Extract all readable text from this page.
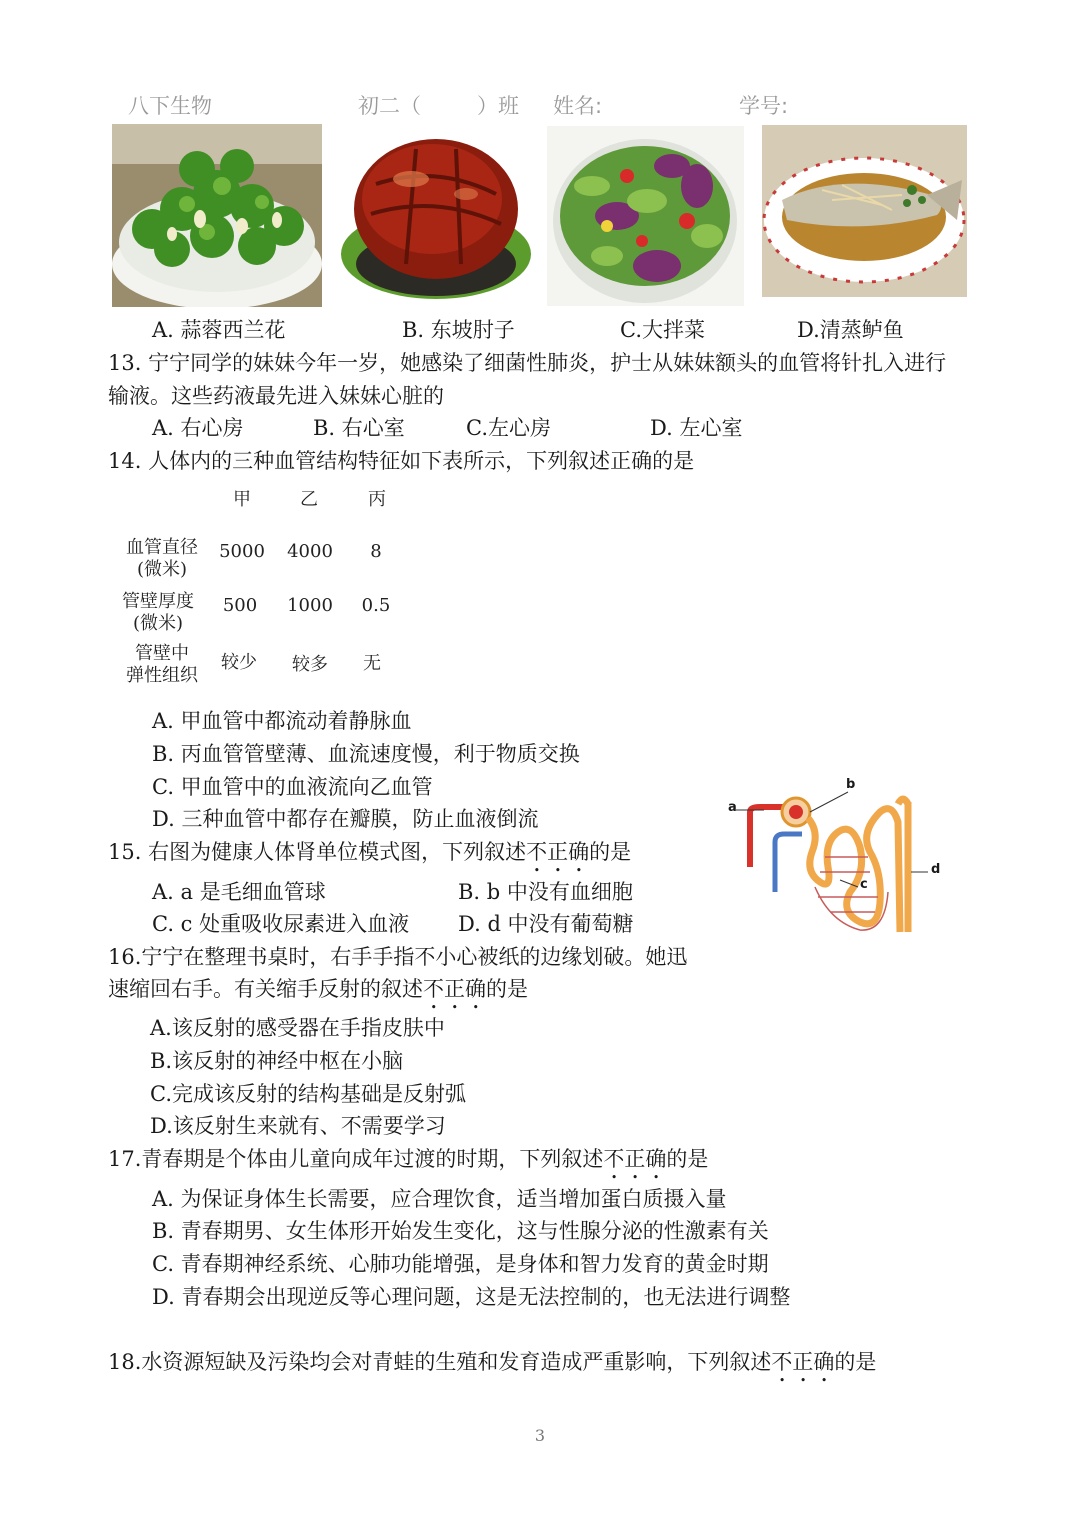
八下生物	初二（	）班 姓名:	学号:
A. 蒜蓉西兰花	B. 东坡肘子	C.大拌菜	D.清蒸鲈鱼
13. 宁宁同学的妹妹今年一岁，她感染了细菌性肺炎，护士从妹妹额头的血管将针扎入进行
输液。这些药液最先进入妹妹心脏的
A. 右心房	B. 右心室	C.左心房	D. 左心室
14. 人体内的三种血管结构特征如下表所示，下列叙述正确的是
甲	乙	丙
血管直径
(微米)
5000	4000	8
管壁厚度
(微米)
500	1000	0.5
管壁中
弹性组织
较少	较多	无
A. 甲血管中都流动着静脉血
B. 丙血管管壁薄、血流速度慢，利于物质交换
C. 甲血管中的血液流向乙血管
D. 三种血管中都存在瓣膜，防止血液倒流
15. 右图为健康人体肾单位模式图，下列叙述不正确的是
A. a 是毛细血管球	B. b 中没有血细胞
C. c 处重吸收尿素进入血液 D. d 中没有葡萄糖
a
b
c
d
16.宁宁在整理书桌时，右手手指不小心被纸的边缘划破。她迅
速缩回右手。有关缩手反射的叙述不正确的是
A.该反射的感受器在手指皮肤中
B.该反射的神经中枢在小脑
C.完成该反射的结构基础是反射弧
D.该反射生来就有、不需要学习
17.青春期是个体由儿童向成年过渡的时期，下列叙述不正确的是
A. 为保证身体生长需要，应合理饮食，适当增加蛋白质摄入量
B. 青春期男、女生体形开始发生变化，这与性腺分泌的性激素有关
C. 青春期神经系统、心肺功能增强，是身体和智力发育的黄金时期
D. 青春期会出现逆反等心理问题，这是无法控制的，也无法进行调整
18.水资源短缺及污染均会对青蛙的生殖和发育造成严重影响，下列叙述不正确的是
3
